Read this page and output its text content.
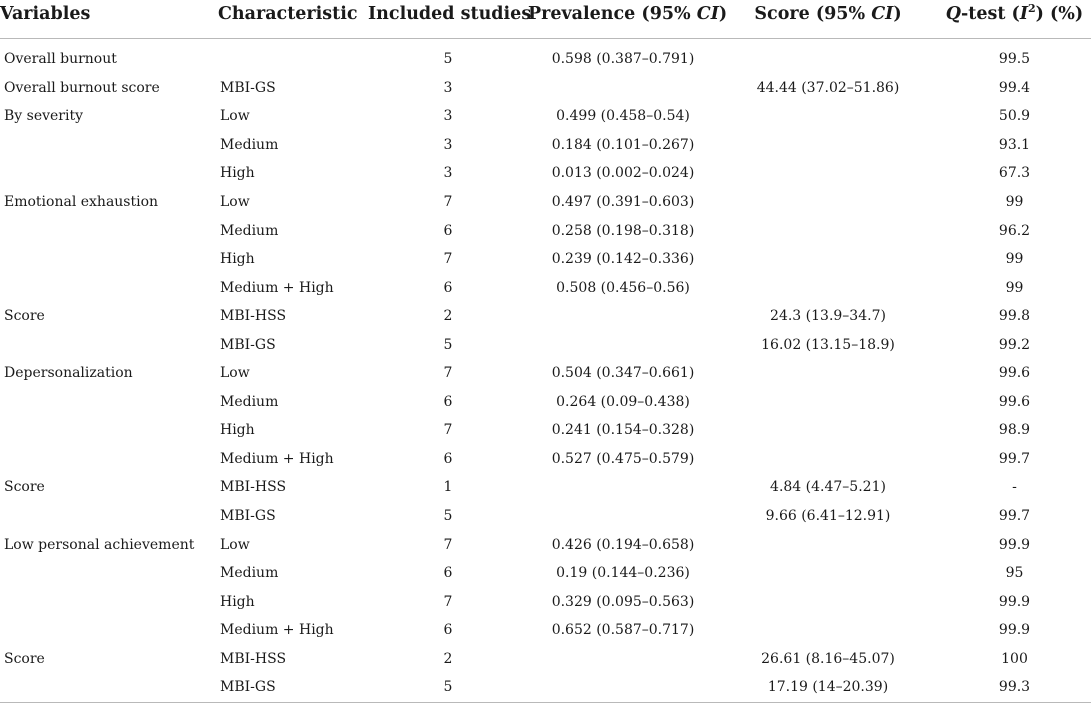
Variables	Characteristic	Included studies	Prevalence (95% CI)	Score (95% CI)	Q-test $(I^2)$ (%)

Overall burnout		5	0.598 (0.387–0.791)		99.5
Overall burnout score	MBI-GS	3		44.44 (37.02–51.86)	99.4
By severity	Low	3	0.499 (0.458–0.54)		50.9
	Medium	3	0.184 (0.101–0.267)		93.1
	High	3	0.013 (0.002–0.024)		67.3
Emotional exhaustion	Low	7	0.497 (0.391–0.603)		99
	Medium	6	0.258 (0.198–0.318)		96.2
	High	7	0.239 (0.142–0.336)		99
	Medium + High	6	0.508 (0.456–0.56)		99
Score	MBI-HSS	2		24.3 (13.9–34.7)	99.8
	MBI-GS	5		16.02 (13.15–18.9)	99.2
Depersonalization	Low	7	0.504 (0.347–0.661)		99.6
	Medium	6	0.264 (0.09–0.438)		99.6
	High	7	0.241 (0.154–0.328)		98.9
	Medium + High	6	0.527 (0.475–0.579)		99.7
Score	MBI-HSS	1		4.84 (4.47–5.21)	-
	MBI-GS	5		9.66 (6.41–12.91)	99.7
Low personal achievement	Low	7	0.426 (0.194–0.658)		99.9
	Medium	6	0.19 (0.144–0.236)		95
	High	7	0.329 (0.095–0.563)		99.9
	Medium + High	6	0.652 (0.587–0.717)		99.9
Score	MBI-HSS	2		26.61 (8.16–45.07)	100
	MBI-GS	5		17.19 (14–20.39)	99.3
